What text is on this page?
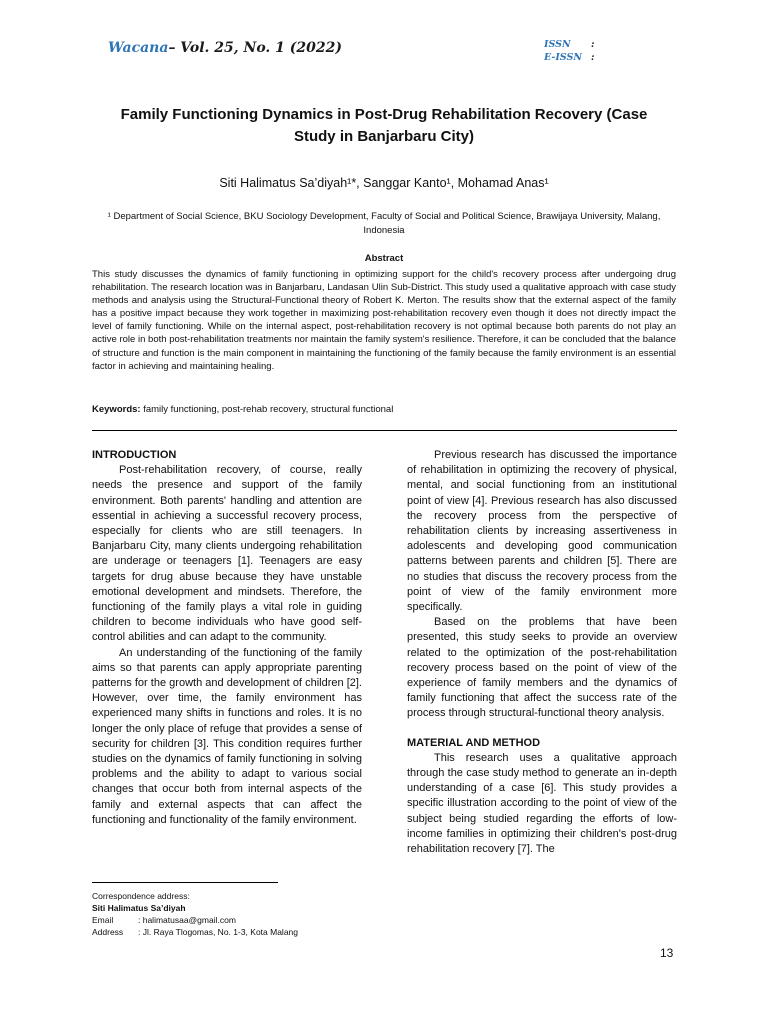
Wacana– Vol. 25, No. 1 (2022)	ISSN	:
E-ISSN :
Family Functioning Dynamics in Post-Drug Rehabilitation Recovery (Case Study in Banjarbaru City)
Siti Halimatus Sa’diyah¹*, Sanggar Kanto¹, Mohamad Anas¹
¹ Department of Social Science, BKU Sociology Development, Faculty of Social and Political Science, Brawijaya University, Malang, Indonesia
Abstract
This study discusses the dynamics of family functioning in optimizing support for the child's recovery process after undergoing drug rehabilitation. The research location was in Banjarbaru, Landasan Ulin Sub-District. This study used a qualitative approach with case study methods and analysis using the Structural-Functional theory of Robert K. Merton. The results show that the external aspect of the family has a positive impact because they work together in maximizing post-rehabilitation recovery even though it does not directly impact the level of family functioning. While on the internal aspect, post-rehabilitation recovery is not optimal because both parents do not play an active role in both post-rehabilitation treatments nor maintain the family system's resilience. Therefore, it can be concluded that the balance of structure and function is the main component in maintaining the functioning of the family because the family environment is an essential factor in achieving and maintaining healing.
Keywords: family functioning, post-rehab recovery, structural functional

INTRODUCTION

Post-rehabilitation recovery, of course, really needs the presence and support of the family environment. Both parents' handling and attention are essential in achieving a successful recovery process, especially for clients who are still teenagers. In Banjarbaru City, many clients undergoing rehabilitation are underage or teenagers [1]. Teenagers are easy targets for drug abuse because they have unstable emotional development and mindsets. Therefore, the functioning of the family plays a vital role in guiding children to become individuals who have good self-control abilities and can adapt to the community.

An understanding of the functioning of the family aims so that parents can apply appropriate parenting patterns for the growth and development of children [2]. However, over time, the family environment has experienced many shifts in functions and roles. It is no longer the only place of refuge that provides a sense of security for children [3]. This condition requires further studies on the dynamics of family functioning in solving problems and the ability to adapt to various social changes that occur both from internal aspects of the family and external aspects that can affect the functioning and functionality of the family environment.

Previous research has discussed the importance of rehabilitation in optimizing the recovery of physical, mental, and social functioning from an institutional point of view [4]. Previous research has also discussed the recovery process from the perspective of rehabilitation clients by increasing assertiveness in adolescents and developing good communication patterns between parents and children [5]. There are no studies that discuss the recovery process from the point of view of the family environment more specifically.

Based on the problems that have been presented, this study seeks to provide an overview related to the optimization of the post-rehabilitation recovery process based on the point of view of the experience of family members and the dynamics of family functioning that affect the success rate of the process through structural-functional theory analysis.

MATERIAL AND METHOD

This research uses a qualitative approach through the case study method to generate an in-depth understanding of a case [6]. This study provides a specific illustration according to the point of view of the subject being studied regarding the efforts of low-income families in optimizing their children's post-drug rehabilitation recovery [7]. The

Correspondence address:
Siti Halimatus Sa’diyah
Email	: halimatusaa@gmail.com
Address	: Jl. Raya Tlogomas, No. 1-3, Kota Malang
13
